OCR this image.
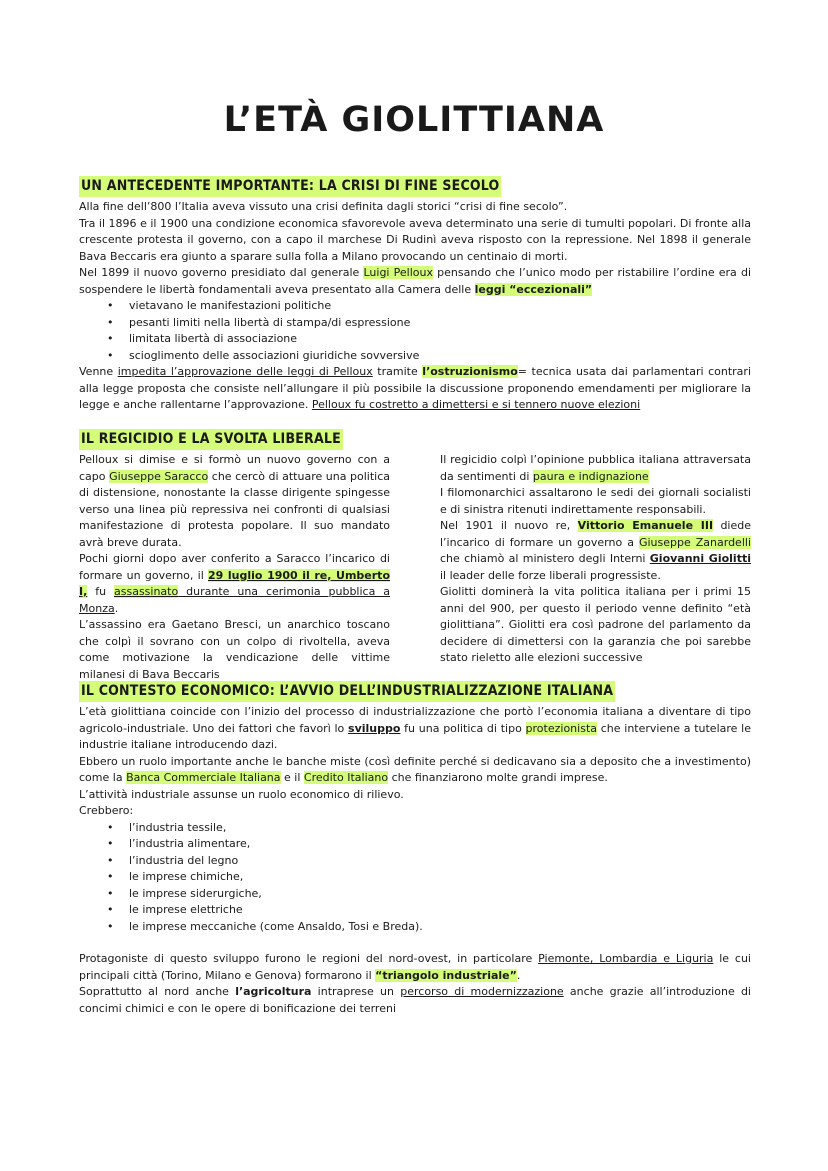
L’ETÀ GIOLITTIANA
UN ANTECEDENTE IMPORTANTE: LA CRISI DI FINE SECOLO

Alla fine dell’800 l’Italia aveva vissuto una crisi definita dagli storici “crisi di fine secolo”.

Tra il 1896 e il 1900 una condizione economica sfavorevole aveva determinato una serie di tumulti popolari. Di fronte alla crescente protesta il governo, con a capo il marchese Di Rudinì aveva risposto con la repressione. Nel 1898 il generale Bava Beccaris era giunto a sparare sulla folla a Milano provocando un centinaio di morti.

Nel 1899 il nuovo governo presidiato dal generale Luigi Pelloux pensando che l’unico modo per ristabilire l’ordine era di sospendere le libertà fondamentali aveva presentato alla Camera delle leggi “eccezionali”

• vietavano le manifestazioni politiche
• pesanti limiti nella libertà di stampa/di espressione
• limitata libertà di associazione
• scioglimento delle associazioni giuridiche sovversive

Venne impedita l’approvazione delle leggi di Pelloux tramite l’ostruzionismo= tecnica usata dai parlamentari contrari alla legge proposta che consiste nell’allungare il più possibile la discussione proponendo emendamenti per migliorare la legge e anche rallentarne l’approvazione. Pelloux fu costretto a dimettersi e si tennero nuove elezioni

IL REGICIDIO E LA SVOLTA LIBERALE

Pelloux si dimise e si formò un nuovo governo con a capo Giuseppe Saracco che cercò di attuare una politica di distensione, nonostante la classe dirigente spingesse verso una linea più repressiva nei confronti di qualsiasi manifestazione di protesta popolare. Il suo mandato avrà breve durata.

Pochi giorni dopo aver conferito a Saracco l’incarico di formare un governo, il 29 luglio 1900 il re, Umberto I, fu assassinato durante una cerimonia pubblica a Monza.

L’assassino era Gaetano Bresci, un anarchico toscano che colpì il sovrano con un colpo di rivoltella, aveva come motivazione la vendicazione delle vittime milanesi di Bava Beccaris

Il regicidio colpì l’opinione pubblica italiana attraversata da sentimenti di paura e indignazione

I filomonarchici assaltarono le sedi dei giornali socialisti e di sinistra ritenuti indirettamente responsabili.

Nel 1901 il nuovo re, Vittorio Emanuele III diede l’incarico di formare un governo a Giuseppe Zanardelli che chiamò al ministero degli Interni Giovanni Giolitti il leader delle forze liberali progressiste.

Giolitti dominerà la vita politica italiana per i primi 15 anni del 900, per questo il periodo venne definito “età giolittiana”. Giolitti era così padrone del parlamento da decidere di dimettersi con la garanzia che poi sarebbe stato rieletto alle elezioni successive

IL CONTESTO ECONOMICO: L’AVVIO DELL’INDUSTRIALIZZAZIONE ITALIANA

L’età giolittiana coincide con l’inizio del processo di industrializzazione che portò l’economia italiana a diventare di tipo agricolo-industriale. Uno dei fattori che favorì lo sviluppo fu una politica di tipo protezionista che interviene a tutelare le industrie italiane introducendo dazi.

Ebbero un ruolo importante anche le banche miste (così definite perché si dedicavano sia a deposito che a investimento) come la Banca Commerciale Italiana e il Credito Italiano che finanziarono molte grandi imprese.

L’attività industriale assunse un ruolo economico di rilievo.

Crebbero:

• l’industria tessile,
• l’industria alimentare,
• l’industria del legno
• le imprese chimiche,
• le imprese siderurgiche,
• le imprese elettriche
• le imprese meccaniche (come Ansaldo, Tosi e Breda).

Protagoniste di questo sviluppo furono le regioni del nord-ovest, in particolare Piemonte, Lombardia e Liguria le cui principali città (Torino, Milano e Genova) formarono il “triangolo industriale”.

Soprattutto al nord anche l’agricoltura intraprese un percorso di modernizzazione anche grazie all’introduzione di concimi chimici e con le opere di bonificazione dei terreni
